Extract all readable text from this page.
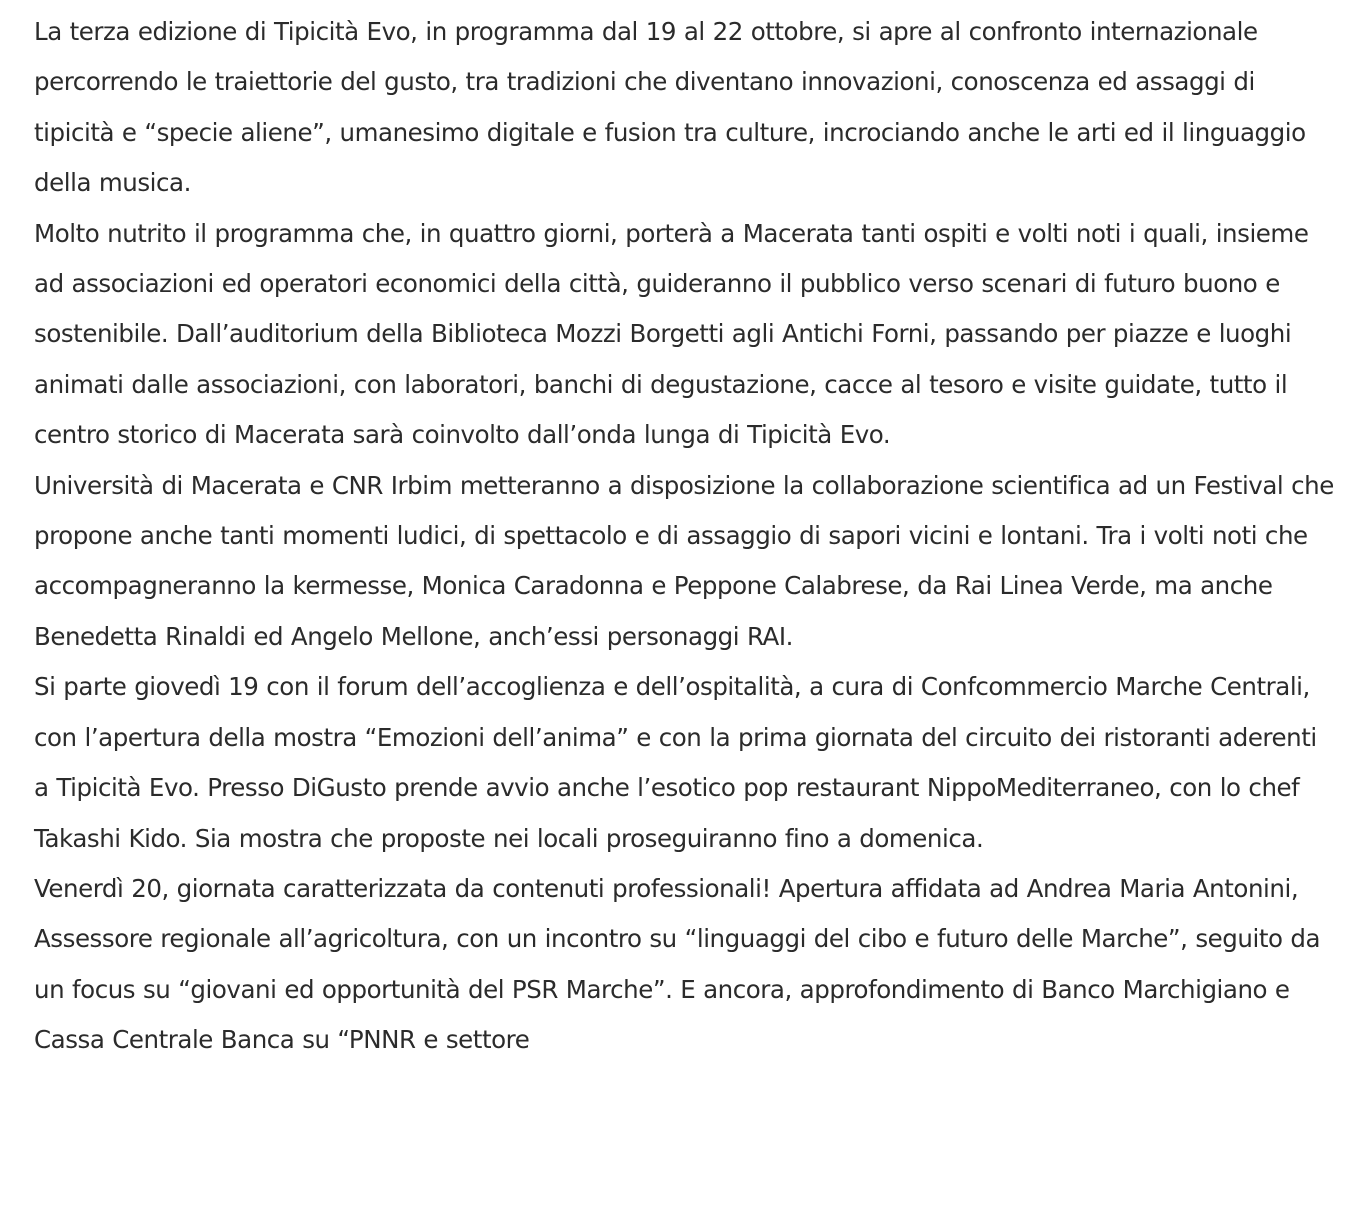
La terza edizione di Tipicità Evo, in programma dal 19 al 22 ottobre, si apre al confronto internazionale percorrendo le traiettorie del gusto, tra tradizioni che diventano innovazioni, conoscenza ed assaggi di tipicità e “specie aliene”, umanesimo digitale e fusion tra culture, incrociando anche le arti ed il linguaggio della musica.

Molto nutrito il programma che, in quattro giorni, porterà a Macerata tanti ospiti e volti noti i quali, insieme ad associazioni ed operatori economici della città, guideranno il pubblico verso scenari di futuro buono e sostenibile. Dall’auditorium della Biblioteca Mozzi Borgetti agli Antichi Forni, passando per piazze e luoghi animati dalle associazioni, con laboratori, banchi di degustazione, cacce al tesoro e visite guidate, tutto il centro storico di Macerata sarà coinvolto dall’onda lunga di Tipicità Evo.

Università di Macerata e CNR Irbim metteranno a disposizione la collaborazione scientifica ad un Festival che propone anche tanti momenti ludici, di spettacolo e di assaggio di sapori vicini e lontani. Tra i volti noti che accompagneranno la kermesse, Monica Caradonna e Peppone Calabrese, da Rai Linea Verde, ma anche Benedetta Rinaldi ed Angelo Mellone, anch’essi personaggi RAI.

Si parte giovedì 19 con il forum dell’accoglienza e dell’ospitalità, a cura di Confcommercio Marche Centrali, con l’apertura della mostra “Emozioni dell’anima” e con la prima giornata del circuito dei ristoranti aderenti a Tipicità Evo. Presso DiGusto prende avvio anche l’esotico pop restaurant NippoMediterraneo, con lo chef Takashi Kido. Sia mostra che proposte nei locali proseguiranno fino a domenica.

Venerdì 20, giornata caratterizzata da contenuti professionali! Apertura affidata ad Andrea Maria Antonini, Assessore regionale all’agricoltura, con un incontro su “linguaggi del cibo e futuro delle Marche”, seguito da un focus su “giovani ed opportunità del PSR Marche”. E ancora, approfondimento di Banco Marchigiano e Cassa Centrale Banca su “PNNR e settore
